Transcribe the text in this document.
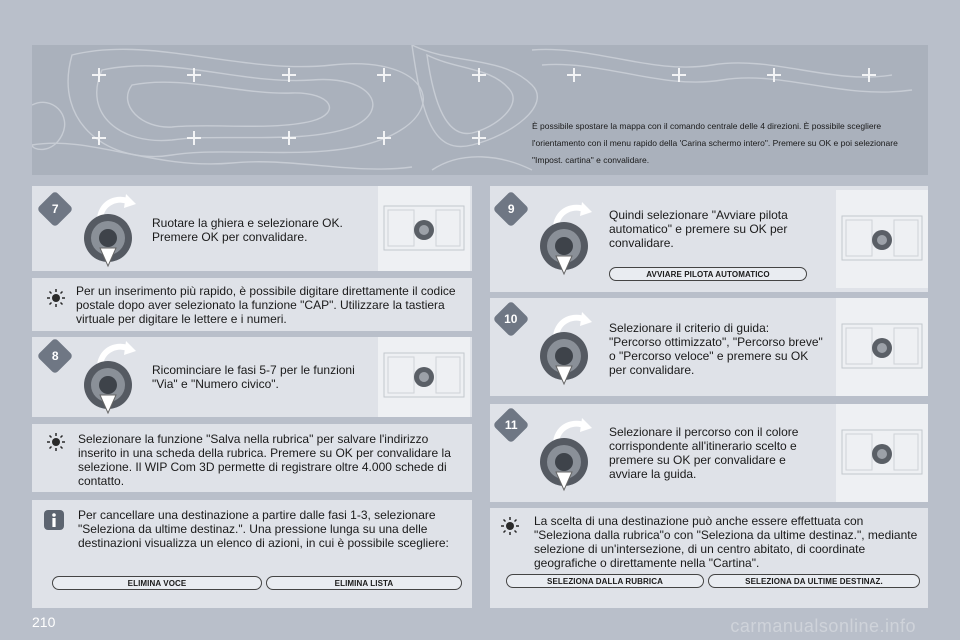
È possibile spostare la mappa con il comando centrale delle 4 direzioni. È possibile scegliere l'orientamento con il menu rapido della 'Carina schermo intero". Premere su OK e poi selezionare "Impost. cartina" e convalidare.
7
Ruotare la ghiera e selezionare OK. Premere OK per convalidare.
Per un inserimento più rapido, è possibile digitare direttamente il codice postale dopo aver selezionato la funzione "CAP". Utilizzare la tastiera virtuale per digitare le lettere e i numeri.
8
Ricominciare le fasi 5-7 per le funzioni "Via" e "Numero civico".
Selezionare la funzione "Salva nella rubrica" per salvare l'indirizzo inserito in una scheda della rubrica. Premere su OK per convalidare la selezione. Il WIP Com 3D permette di registrare oltre 4.000 schede di contatto.
Per cancellare una destinazione a partire dalle fasi 1-3, selezionare "Seleziona da ultime destinaz.". Una pressione lunga su una delle destinazioni visualizza un elenco di azioni, in cui è possibile scegliere:
ELIMINA VOCE	ELIMINA LISTA
9	Quindi selezionare "Avviare pilota automatico" e premere su OK per convalidare.
AVVIARE PILOTA AUTOMATICO
10
Selezionare il criterio di guida: "Percorso ottimizzato", "Percorso breve" o "Percorso veloce" e premere su OK per convalidare.
11	Selezionare il percorso con il colore corrispondente all'itinerario scelto e premere su OK per convalidare e avviare la guida.
La scelta di una destinazione può anche essere effettuata con "Seleziona dalla rubrica"o con "Seleziona da ultime destinaz.", mediante selezione di un'intersezione, di un centro abitato, di coordinate geografiche o direttamente nella "Cartina".
SELEZIONA DALLA RUBRICA	SELEZIONA DA ULTIME DESTINAZ.
210	carmanualsonline.info
